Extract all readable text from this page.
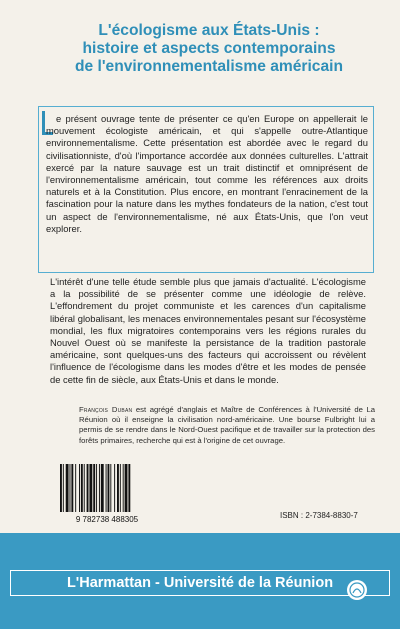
L'écologisme aux États-Unis :
histoire et aspects contemporains
de l'environnementalisme américain

e présent ouvrage tente de présenter ce qu'en Europe on appellerait le mouvement écologiste américain, et qui s'appelle outre-Atlantique environnementalisme. Cette présentation est abordée avec le regard du civilisationniste, d'où l'importance accordée aux données culturelles. L'attrait exercé par la nature sauvage est un trait distinctif et omniprésent de l'environnementalisme américain, tout comme les références aux droits naturels et à la Constitution. Plus encore, en montrant l'enracinement de la fascination pour la nature dans les mythes fondateurs de la nation, c'est tout un aspect de l'environnementalisme, né aux États-Unis, que l'on veut explorer.

L'intérêt d'une telle étude semble plus que jamais d'actualité. L'écologisme a la possibilité de se présenter comme une idéologie de relève. L'effondrement du projet communiste et les carences d'un capitalisme libéral globalisant, les menaces environnementales pesant sur l'écosystème mondial, les flux migratoires contemporains vers les régions rurales du Nouvel Ouest où se manifeste la persistance de la tradition pastorale américaine, sont quelques-uns des facteurs qui accroissent ou révèlent l'influence de l'écologisme dans les modes d'être et les modes de pensée de cette fin de siècle, aux États-Unis et dans le monde.

François Duban est agrégé d'anglais et Maître de Conférences à l'Université de La Réunion où il enseigne la civilisation nord-américaine. Une bourse Fulbright lui a permis de se rendre dans le Nord-Ouest pacifique et de travailler sur la protection des forêts primaires, recherche qui est à l'origine de cet ouvrage.
9 782738 488305	ISBN : 2-7384-8830-7
L'Harmattan - Université de la Réunion
